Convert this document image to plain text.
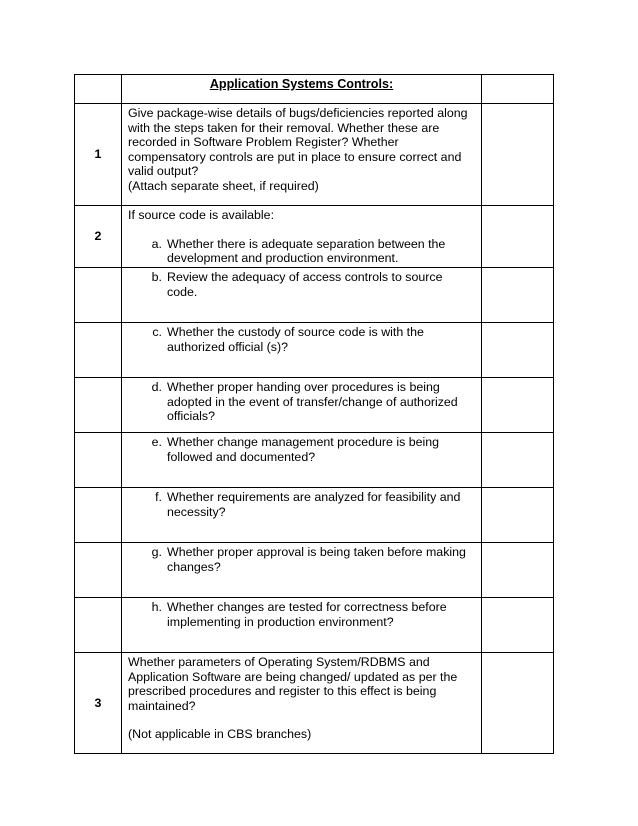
	Application Systems Controls:	

1	Give package-wise details of bugs/deficiencies reported along with the steps taken for their removal. Whether these are recorded in Software Problem Register? Whether compensatory controls are put in place to ensure correct and valid output?

(Attach separate sheet, if required)	

2	If source code is available:

a. Whether there is adequate separation between the development and production environment.	

	b. Review the adequacy of access controls to source code.	

	c. Whether the custody of source code is with the authorized official (s)?	

	d. Whether proper handing over procedures is being adopted in the event of transfer/change of authorized officials?	

	e. Whether change management procedure is being followed and documented?	

	f. Whether requirements are analyzed for feasibility and necessity?	

	g. Whether proper approval is being taken before making changes?	

	h. Whether changes are tested for correctness before implementing in production environment?	

3	Whether parameters of Operating System/RDBMS and Application Software are being changed/ updated as per the prescribed procedures and register to this effect is being maintained?

(Not applicable in CBS branches)	
